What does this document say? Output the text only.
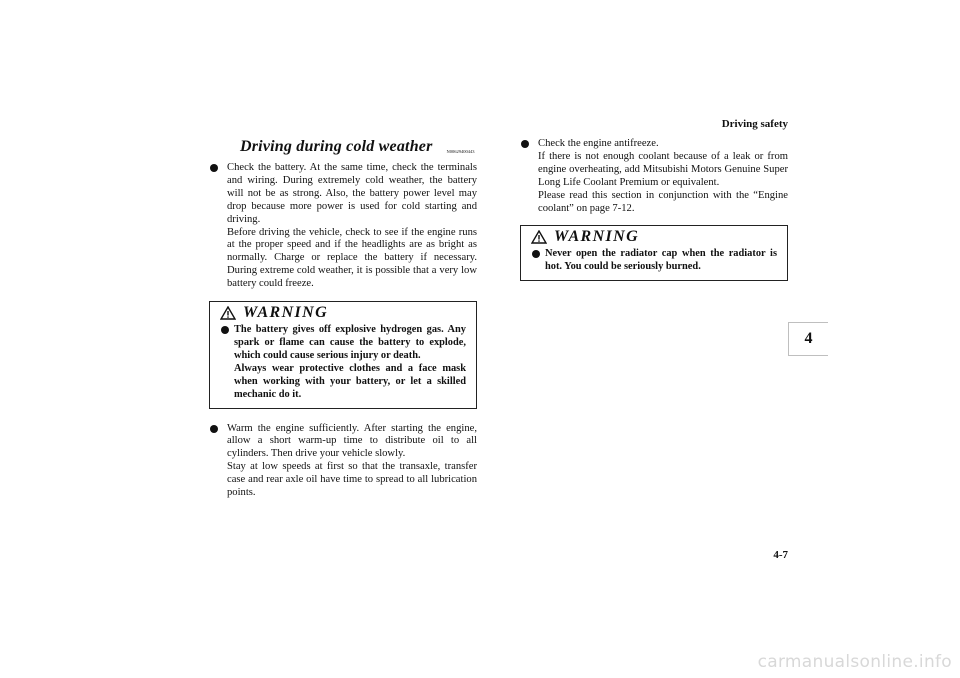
Driving safety
4
Driving during cold weather	N00629400443

Check the battery. At the same time, check the terminals and wiring. During extremely cold weather, the battery will not be as strong. Also, the battery power level may drop because more power is used for cold starting and driving.

Before driving the vehicle, check to see if the engine runs at the proper speed and if the headlights are as bright as normally. Charge or replace the battery if necessary. During extreme cold weather, it is possible that a very low battery could freeze.

WARNING

The battery gives off explosive hydrogen gas. Any spark or flame can cause the battery to explode, which could cause serious injury or death.

Always wear protective clothes and a face mask when working with your battery, or let a skilled mechanic do it.

Warm the engine sufficiently. After starting the engine, allow a short warm-up time to distribute oil to all cylinders. Then drive your vehicle slowly.

Stay at low speeds at first so that the transaxle, transfer case and rear axle oil have time to spread to all lubrication points.

Check the engine antifreeze.

If there is not enough coolant because of a leak or from engine overheating, add Mitsubishi Motors Genuine Super Long Life Coolant Premium or equivalent.

Please read this section in conjunction with the “Engine coolant” on page 7-12.

WARNING

Never open the radiator cap when the radiator is hot. You could be seriously burned.

4-7
carmanualsonline.info
